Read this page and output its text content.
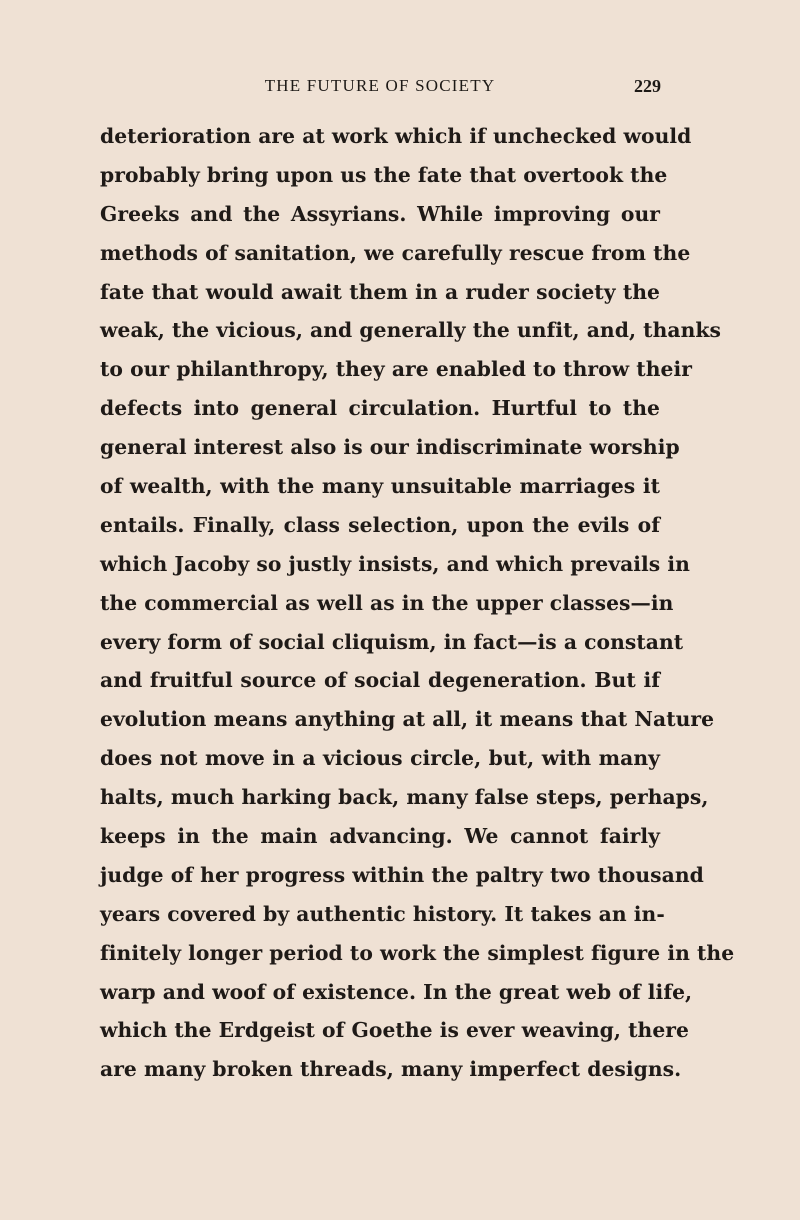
THE FUTURE OF SOCIETY	229
deterioration are at work which if unchecked would
probably bring upon us the fate that overtook the
Greeks and the Assyrians. While improving our
methods of sanitation, we carefully rescue from the
fate that would await them in a ruder society the
weak, the vicious, and generally the unfit, and, thanks
to our philanthropy, they are enabled to throw their
defects into general circulation. Hurtful to the
general interest also is our indiscriminate worship
of wealth, with the many unsuitable marriages it
entails. Finally, class selection, upon the evils of
which Jacoby so justly insists, and which prevails in
the commercial as well as in the upper classes—in
every form of social cliquism, in fact—is a constant
and fruitful source of social degeneration. But if
evolution means anything at all, it means that Nature
does not move in a vicious circle, but, with many
halts, much harking back, many false steps, perhaps,
keeps in the main advancing. We cannot fairly
judge of her progress within the paltry two thousand
years covered by authentic history. It takes an in-
finitely longer period to work the simplest figure in the
warp and woof of existence. In the great web of life,
which the Erdgeist of Goethe is ever weaving, there
are many broken threads, many imperfect designs.
